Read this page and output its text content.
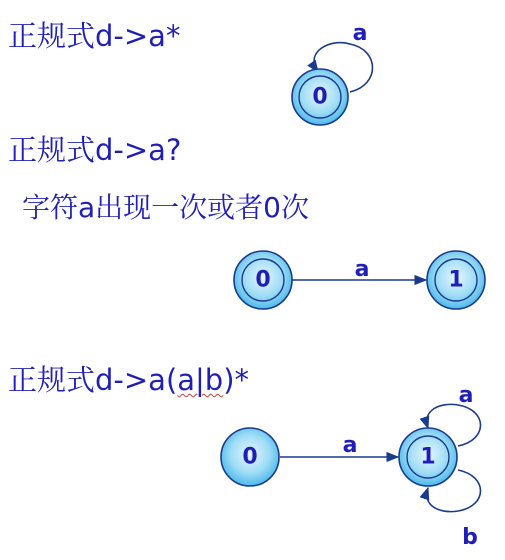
正规式d->a*
正规式d->a?
字符a出现一次或者0次
正规式d->a(a|b)*
a
0
a
0	1
a
a
b
0	1
